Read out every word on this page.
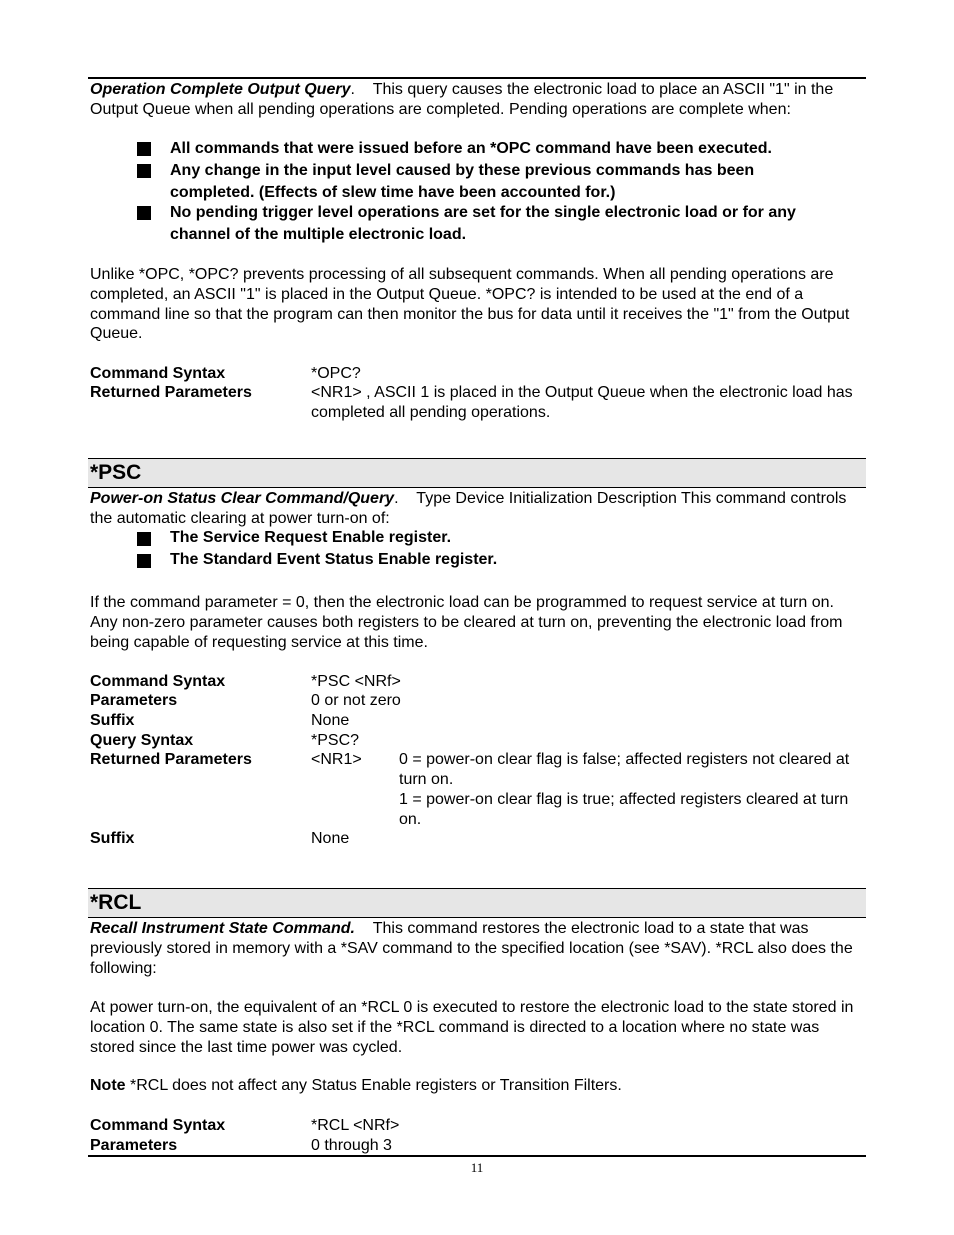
Operation Complete Output Query.    This query causes the electronic load to place an ASCII "1" in the Output Queue when all pending operations are completed. Pending operations are complete when:

All commands that were issued before an *OPC command have been executed.
Any change in the input level caused by these previous commands has been completed. (Effects of slew time have been accounted for.)
No pending trigger level operations are set for the single electronic load or for any channel of the multiple electronic load.

Unlike *OPC, *OPC? prevents processing of all subsequent commands. When all pending operations are completed, an ASCII "1" is placed in the Output Queue. *OPC? is intended to be used at the end of a command line so that the program can then monitor the bus for data until it receives the "1" from the Output Queue.

Command Syntax	*OPC?
Returned Parameters	<NR1> , ASCII 1 is placed in the Output Queue when the electronic load has completed all pending operations.
*PSC

Power-on Status Clear Command/Query.    Type Device Initialization Description This command controls the automatic clearing at power turn-on of:

The Service Request Enable register.
The Standard Event Status Enable register.

If the command parameter = 0, then the electronic load can be programmed to request service at turn on. Any non-zero parameter causes both registers to be cleared at turn on, preventing the electronic load from being capable of requesting service at this time.

Command Syntax	*PSC <NRf>
Parameters	0 or not zero
Suffix	None
Query Syntax	*PSC?
Returned Parameters	<NR1> 0 = power-on clear flag is false; affected registers not cleared at turn on.
1 = power-on clear flag is true; affected registers cleared at turn on.
Suffix	None
*RCL

Recall Instrument State Command. This command restores the electronic load to a state that was previously stored in memory with a *SAV command to the specified location (see *SAV). *RCL also does the following:

At power turn-on, the equivalent of an *RCL 0 is executed to restore the electronic load to the state stored in location 0. The same state is also set if the *RCL command is directed to a location where no state was stored since the last time power was cycled.

Note *RCL does not affect any Status Enable registers or Transition Filters.

Command Syntax	*RCL <NRf>
Parameters	0 through 3
11
